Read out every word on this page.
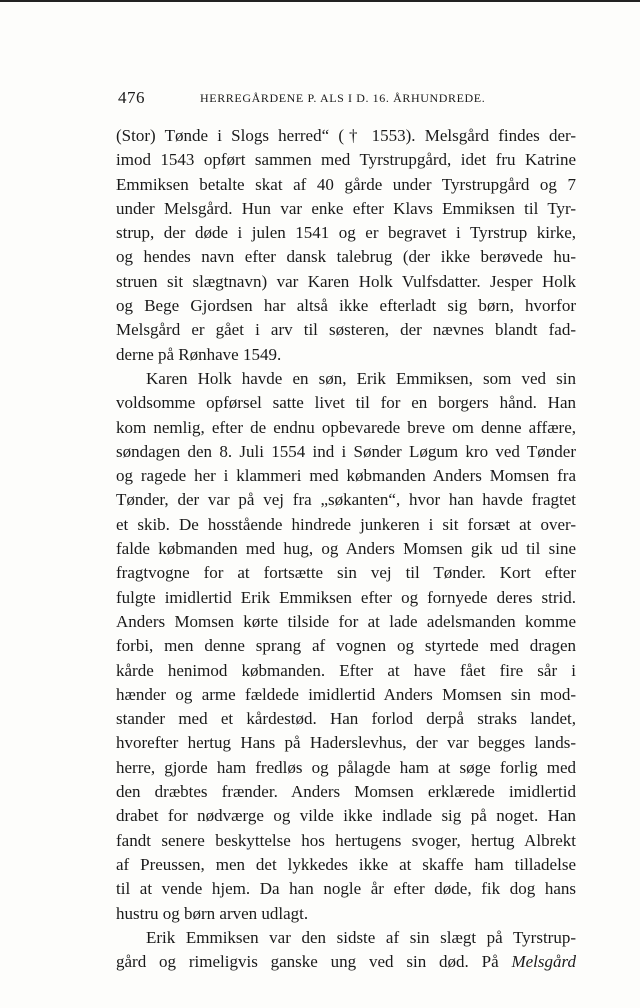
476	HERREGÅRDENE P. ALS I D. 16. ÅRHUNDREDE.
(Stor) Tønde i Slogs herred“ († 1553). Melsgård findes der-
imod 1543 opført sammen med Tyrstrupgård, idet fru Katrine
Emmiksen betalte skat af 40 gårde under Tyrstrupgård og 7
under Melsgård. Hun var enke efter Klavs Emmiksen til Tyr-
strup, der døde i julen 1541 og er begravet i Tyrstrup kirke,
og hendes navn efter dansk talebrug (der ikke berøvede hu-
struen sit slægtnavn) var Karen Holk Vulfsdatter. Jesper Holk
og Bege Gjordsen har altså ikke efterladt sig børn, hvorfor
Melsgård er gået i arv til søsteren, der nævnes blandt fad-
derne på Rønhave 1549.
Karen Holk havde en søn, Erik Emmiksen, som ved sin
voldsomme opførsel satte livet til for en borgers hånd. Han
kom nemlig, efter de endnu opbevarede breve om denne affære,
søndagen den 8. Juli 1554 ind i Sønder Løgum kro ved Tønder
og ragede her i klammeri med købmanden Anders Momsen fra
Tønder, der var på vej fra „søkanten“, hvor han havde fragtet
et skib. De hosstående hindrede junkeren i sit forsæt at over-
falde købmanden med hug, og Anders Momsen gik ud til sine
fragtvogne for at fortsætte sin vej til Tønder. Kort efter
fulgte imidlertid Erik Emmiksen efter og fornyede deres strid.
Anders Momsen kørte tilside for at lade adelsmanden komme
forbi, men denne sprang af vognen og styrtede med dragen
kårde henimod købmanden. Efter at have fået fire sår i
hænder og arme fældede imidlertid Anders Momsen sin mod-
stander med et kårdestød. Han forlod derpå straks landet,
hvorefter hertug Hans på Haderslevhus, der var begges lands-
herre, gjorde ham fredløs og pålagde ham at søge forlig med
den dræbtes frænder. Anders Momsen erklærede imidlertid
drabet for nødværge og vilde ikke indlade sig på noget. Han
fandt senere beskyttelse hos hertugens svoger, hertug Albrekt
af Preussen, men det lykkedes ikke at skaffe ham tilladelse
til at vende hjem. Da han nogle år efter døde, fik dog hans
hustru og børn arven udlagt.
Erik Emmiksen var den sidste af sin slægt på Tyrstrup-
gård og rimeligvis ganske ung ved sin død. På Melsgård
